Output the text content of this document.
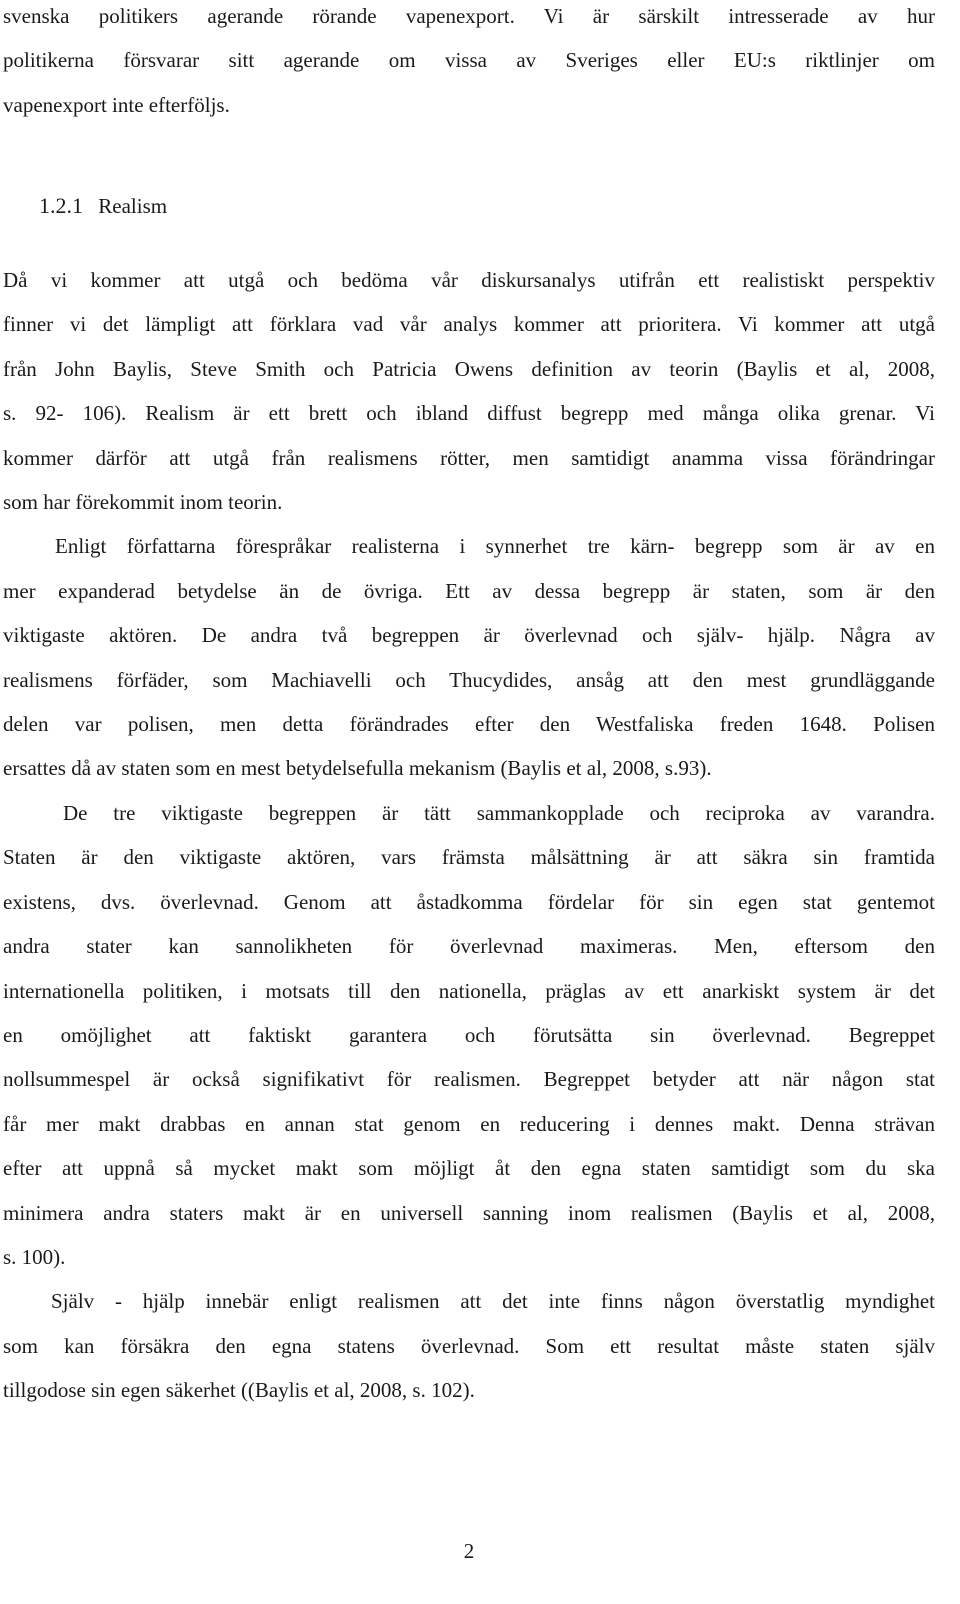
svenska politikers agerande rörande vapenexport. Vi är särskilt intresserade av hur

politikerna försvarar sitt agerande om vissa av Sveriges eller EU:s riktlinjer om

vapenexport inte efterföljs.

1.2.1 Realism

Då vi kommer att utgå och bedöma vår diskursanalys utifrån ett realistiskt perspektiv

finner vi det lämpligt att förklara vad vår analys kommer att prioritera. Vi kommer att utgå

från John Baylis, Steve Smith och Patricia Owens definition av teorin (Baylis et al, 2008,

s. 92- 106). Realism är ett brett och ibland diffust begrepp med många olika grenar. Vi

kommer därför att utgå från realismens rötter, men samtidigt anamma vissa förändringar

som har förekommit inom teorin.

Enligt författarna förespråkar realisterna i synnerhet tre kärn- begrepp som är av en

mer expanderad betydelse än de övriga. Ett av dessa begrepp är staten, som är den

viktigaste aktören. De andra två begreppen är överlevnad och själv- hjälp. Några av

realismens förfäder, som Machiavelli och Thucydides, ansåg att den mest grundläggande

delen var polisen, men detta förändrades efter den Westfaliska freden 1648. Polisen

ersattes då av staten som en mest betydelsefulla mekanism (Baylis et al, 2008, s.93).

De tre viktigaste begreppen är tätt sammankopplade och reciproka av varandra.

Staten är den viktigaste aktören, vars främsta målsättning är att säkra sin framtida

existens, dvs. överlevnad. Genom att åstadkomma fördelar för sin egen stat gentemot

andra stater kan sannolikheten för överlevnad maximeras. Men, eftersom den

internationella politiken, i motsats till den nationella, präglas av ett anarkiskt system är det

en omöjlighet att faktiskt garantera och förutsätta sin överlevnad. Begreppet

nollsummespel är också signifikativt för realismen. Begreppet betyder att när någon stat

får mer makt drabbas en annan stat genom en reducering i dennes makt. Denna strävan

efter att uppnå så mycket makt som möjligt åt den egna staten samtidigt som du ska

minimera andra staters makt är en universell sanning inom realismen (Baylis et al, 2008,

s. 100).

Själv - hjälp innebär enligt realismen att det inte finns någon överstatlig myndighet

som kan försäkra den egna statens överlevnad. Som ett resultat måste staten själv

tillgodose sin egen säkerhet ((Baylis et al, 2008, s. 102).

2
